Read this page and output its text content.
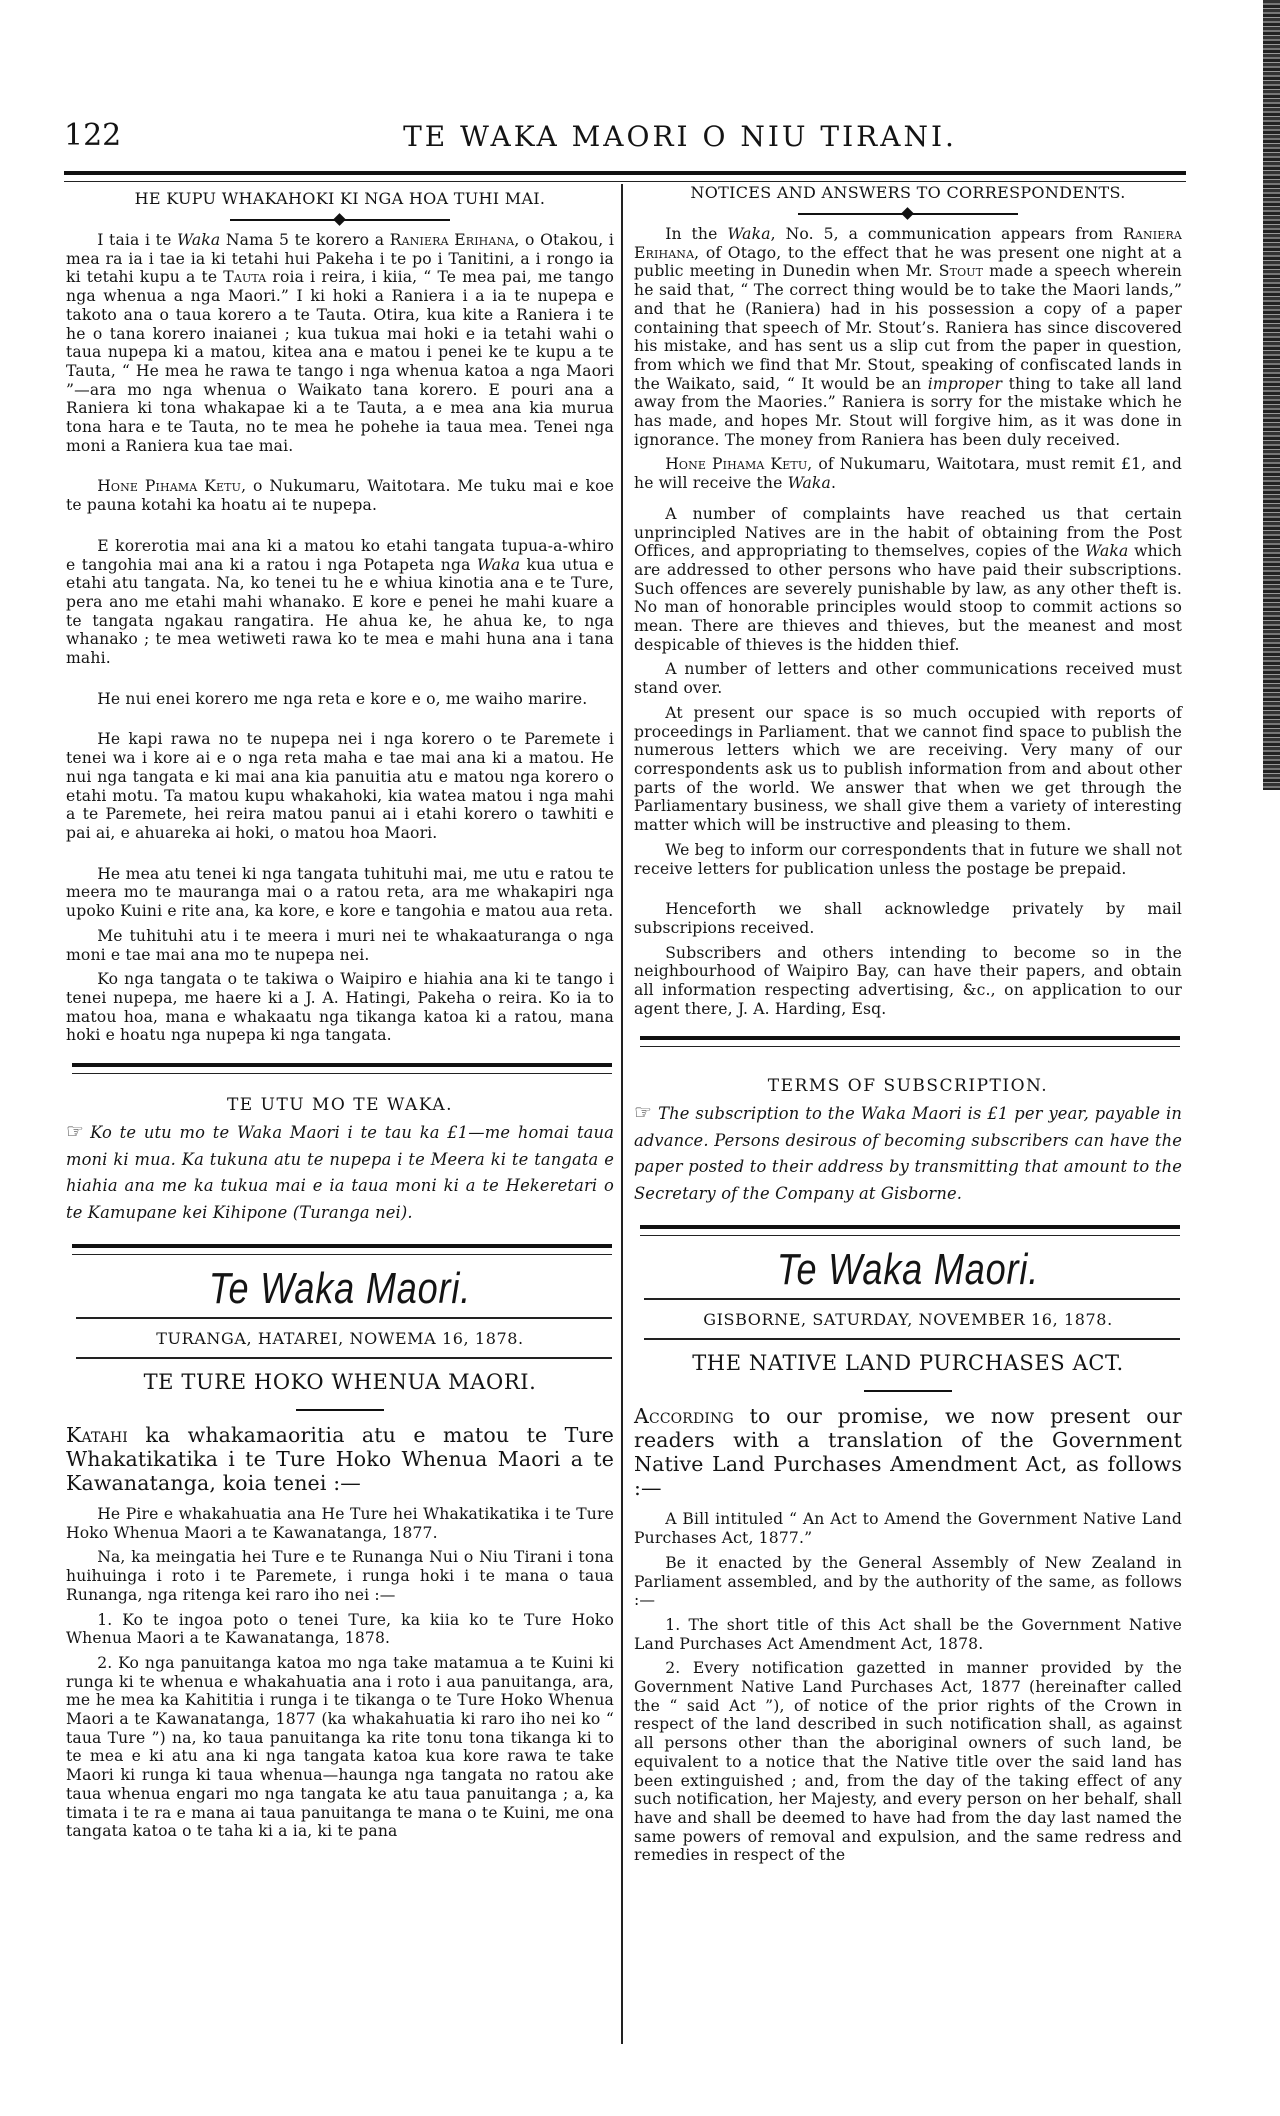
122	TE WAKA MAORI O NIU TIRANI.
HE KUPU WHAKAHOKI KI NGA HOA TUHI MAI.

I taia i te Waka Nama 5 te korero a Raniera Erihana, o Otakou, i mea ra ia i tae ia ki tetahi hui Pakeha i te po i Tanitini, a i rongo ia ki tetahi kupu a te Tauta roia i reira, i kiia, “ Te mea pai, me tango nga whenua a nga Maori.” I ki hoki a Raniera i a ia te nupepa e takoto ana o taua korero a te Tauta. Otira, kua kite a Raniera i te he o tana korero inaianei ; kua tukua mai hoki e ia tetahi wahi o taua nupepa ki a matou, kitea ana e matou i penei ke te kupu a te Tauta, “ He mea he rawa te tango i nga whenua katoa a nga Maori ”—ara mo nga whenua o Waikato tana korero. E pouri ana a Raniera ki tona whakapae ki a te Tauta, a e mea ana kia murua tona hara e te Tauta, no te mea he pohehe ia taua mea. Tenei nga moni a Raniera kua tae mai.

Hone Pihama Ketu, o Nukumaru, Waitotara. Me tuku mai e koe te pauna kotahi ka hoatu ai te nupepa.

E korerotia mai ana ki a matou ko etahi tangata tupua-a-whiro e tangohia mai ana ki a ratou i nga Potapeta nga Waka kua utua e etahi atu tangata. Na, ko tenei tu he e whiua kinotia ana e te Ture, pera ano me etahi mahi whanako. E kore e penei he mahi kuare a te tangata ngakau rangatira. He ahua ke, he ahua ke, to nga whanako ; te mea wetiweti rawa ko te mea e mahi huna ana i tana mahi.

He nui enei korero me nga reta e kore e o, me waiho marire.

He kapi rawa no te nupepa nei i nga korero o te Paremete i tenei wa i kore ai e o nga reta maha e tae mai ana ki a matou. He nui nga tangata e ki mai ana kia panuitia atu e matou nga korero o etahi motu. Ta matou kupu whakahoki, kia watea matou i nga mahi a te Paremete, hei reira matou panui ai i etahi korero o tawhiti e pai ai, e ahuareka ai hoki, o matou hoa Maori.

He mea atu tenei ki nga tangata tuhituhi mai, me utu e ratou te meera mo te mauranga mai o a ratou reta, ara me whakapiri nga upoko Kuini e rite ana, ka kore, e kore e tangohia e matou aua reta.

Me tuhituhi atu i te meera i muri nei te whakaaturanga o nga moni e tae mai ana mo te nupepa nei.

Ko nga tangata o te takiwa o Waipiro e hiahia ana ki te tango i tenei nupepa, me haere ki a J. A. Hatingi, Pakeha o reira. Ko ia to matou hoa, mana e whakaatu nga tikanga katoa ki a ratou, mana hoki e hoatu nga nupepa ki nga tangata.

TE UTU MO TE WAKA.

☞ Ko te utu mo te Waka Maori i te tau ka £1—me homai taua moni ki mua. Ka tukuna atu te nupepa i te Meera ki te tangata e hiahia ana me ka tukua mai e ia taua moni ki a te Hekeretari o te Kamupane kei Kihipone (Turanga nei).

Te Waka Maori.
TURANGA, HATAREI, NOWEMA 16, 1878.
TE TURE HOKO WHENUA MAORI.

Katahi ka whakamaoritia atu e matou te Ture Whakatikatika i te Ture Hoko Whenua Maori a te Kawanatanga, koia tenei :—

He Pire e whakahuatia ana He Ture hei Whakatikatika i te Ture Hoko Whenua Maori a te Kawanatanga, 1877.

Na, ka meingatia hei Ture e te Runanga Nui o Niu Tirani i tona huihuinga i roto i te Paremete, i runga hoki i te mana o taua Runanga, nga ritenga kei raro iho nei :—

1. Ko te ingoa poto o tenei Ture, ka kiia ko te Ture Hoko Whenua Maori a te Kawanatanga, 1878.

2. Ko nga panuitanga katoa mo nga take matamua a te Kuini ki runga ki te whenua e whakahuatia ana i roto i aua panuitanga, ara, me he mea ka Kahititia i runga i te tikanga o te Ture Hoko Whenua Maori a te Kawanatanga, 1877 (ka whakahuatia ki raro iho nei ko “ taua Ture ”) na, ko taua panuitanga ka rite tonu tona tikanga ki to te mea e ki atu ana ki nga tangata katoa kua kore rawa te take Maori ki runga ki taua whenua—haunga nga tangata no ratou ake taua whenua engari mo nga tangata ke atu taua panuitanga ; a, ka timata i te ra e mana ai taua panuitanga te mana o te Kuini, me ona tangata katoa o te taha ki a ia, ki te pana

NOTICES AND ANSWERS TO CORRESPONDENTS.

In the Waka, No. 5, a communication appears from Raniera Erihana, of Otago, to the effect that he was present one night at a public meeting in Dunedin when Mr. Stout made a speech wherein he said that, “ The correct thing would be to take the Maori lands,” and that he (Raniera) had in his possession a copy of a paper containing that speech of Mr. Stout’s. Raniera has since discovered his mistake, and has sent us a slip cut from the paper in question, from which we find that Mr. Stout, speaking of confiscated lands in the Waikato, said, “ It would be an improper thing to take all land away from the Maories.” Raniera is sorry for the mistake which he has made, and hopes Mr. Stout will forgive him, as it was done in ignorance. The money from Raniera has been duly received.

Hone Pihama Ketu, of Nukumaru, Waitotara, must remit £1, and he will receive the Waka.

A number of complaints have reached us that certain unprincipled Natives are in the habit of obtaining from the Post Offices, and appropriating to themselves, copies of the Waka which are addressed to other persons who have paid their subscriptions. Such offences are severely punishable by law, as any other theft is. No man of honorable principles would stoop to commit actions so mean. There are thieves and thieves, but the meanest and most despicable of thieves is the hidden thief.

A number of letters and other communications received must stand over.

At present our space is so much occupied with reports of proceedings in Parliament. that we cannot find space to publish the numerous letters which we are receiving. Very many of our correspondents ask us to publish information from and about other parts of the world. We answer that when we get through the Parliamentary business, we shall give them a variety of interesting matter which will be instructive and pleasing to them.

We beg to inform our correspondents that in future we shall not receive letters for publication unless the postage be prepaid.

Henceforth we shall acknowledge privately by mail subscripions received.

Subscribers and others intending to become so in the neighbourhood of Waipiro Bay, can have their papers, and obtain all information respecting advertising, &c., on application to our agent there, J. A. Harding, Esq.

TERMS OF SUBSCRIPTION.

☞ The subscription to the Waka Maori is £1 per year, payable in advance. Persons desirous of becoming subscribers can have the paper posted to their address by transmitting that amount to the Secretary of the Company at Gisborne.

Te Waka Maori.
GISBORNE, SATURDAY, NOVEMBER 16, 1878.
THE NATIVE LAND PURCHASES ACT.

According to our promise, we now present our readers with a translation of the Government Native Land Purchases Amendment Act, as follows :—

A Bill intituled “ An Act to Amend the Government Native Land Purchases Act, 1877.”

Be it enacted by the General Assembly of New Zealand in Parliament assembled, and by the authority of the same, as follows :—

1. The short title of this Act shall be the Government Native Land Purchases Act Amendment Act, 1878.

2. Every notification gazetted in manner provided by the Government Native Land Purchases Act, 1877 (hereinafter called the “ said Act ”), of notice of the prior rights of the Crown in respect of the land described in such notification shall, as against all persons other than the aboriginal owners of such land, be equivalent to a notice that the Native title over the said land has been extinguished ; and, from the day of the taking effect of any such notification, her Majesty, and every person on her behalf, shall have and shall be deemed to have had from the day last named the same powers of removal and expulsion, and the same redress and remedies in respect of the
